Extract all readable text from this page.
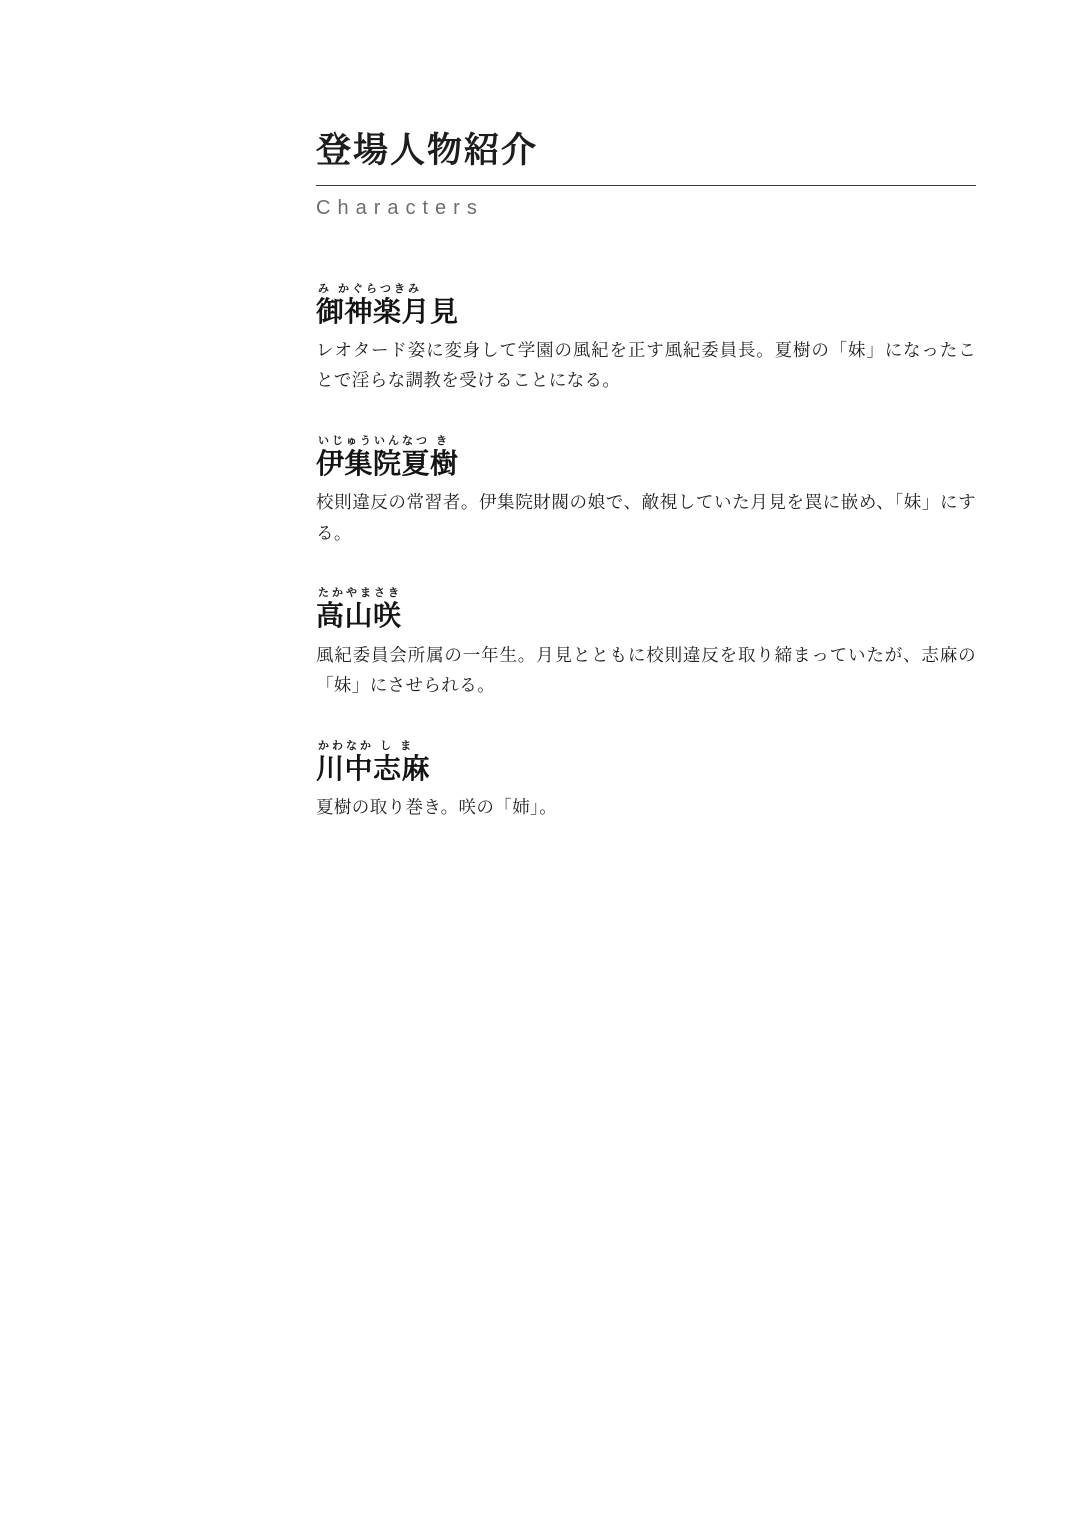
登場人物紹介

Characters

み かぐらつきみ

御神楽月見

レオタード姿に変身して学園の風紀を正す風紀委員長。夏樹の「妹」になったことで淫らな調教を受けることになる。

いじゅういんなつ き

伊集院夏樹

校則違反の常習者。伊集院財閥の娘で、敵視していた月見を罠に嵌め、「妹」にする。

たかやまさき

高山咲

風紀委員会所属の一年生。月見とともに校則違反を取り締まっていたが、志麻の「妹」にさせられる。

かわなか し ま

川中志麻

夏樹の取り巻き。咲の「姉」。
